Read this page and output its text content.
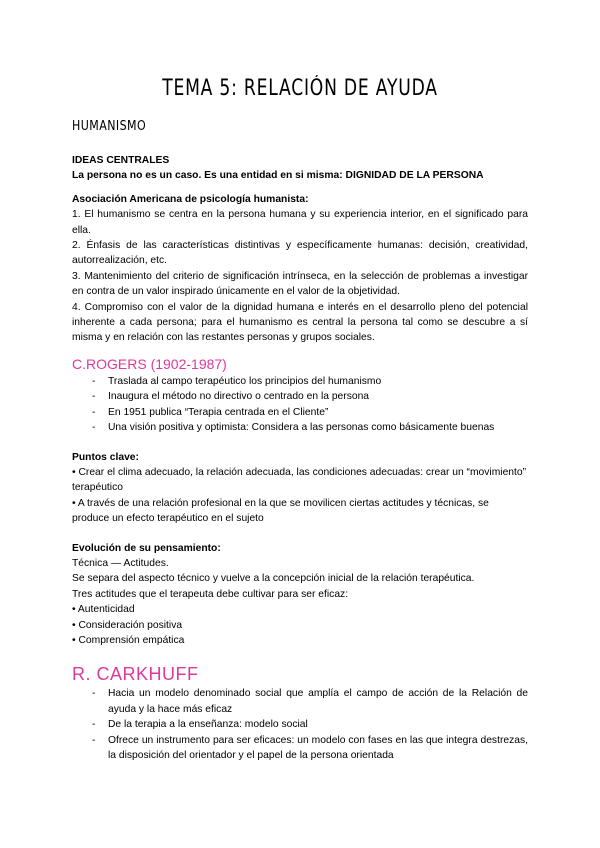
TEMA 5: RELACIÓN DE AYUDA
HUMANISMO

IDEAS CENTRALES

La persona no es un caso. Es una entidad en si misma: DIGNIDAD DE LA PERSONA

Asociación Americana de psicología humanista:

1. El humanismo se centra en la persona humana y su experiencia interior, en el significado para ella.

2. Énfasis de las características distintivas y específicamente humanas: decisión, creatividad, autorrealización, etc.

3. Mantenimiento del criterio de significación intrínseca, en la selección de problemas a investigar en contra de un valor inspirado únicamente en el valor de la objetividad.

4. Compromiso con el valor de la dignidad humana e interés en el desarrollo pleno del potencial inherente a cada persona; para el humanismo es central la persona tal como se descubre a sí misma y en relación con las restantes personas y grupos sociales.

C.ROGERS (1902-1987)

- Traslada al campo terapéutico los principios del humanismo
- Inaugura el método no directivo o centrado en la persona
- En 1951 publica “Terapia centrada en el Cliente”
- Una visión positiva y optimista: Considera a las personas como básicamente buenas

Puntos clave:

• Crear el clima adecuado, la relación adecuada, las condiciones adecuadas: crear un “movimiento” terapéutico

• A través de una relación profesional en la que se movilicen ciertas actitudes y técnicas, se produce un efecto terapéutico en el sujeto

Evolución de su pensamiento:

Técnica — Actitudes.

Se separa del aspecto técnico y vuelve a la concepción inicial de la relación terapéutica.

Tres actitudes que el terapeuta debe cultivar para ser eficaz:

• Autenticidad

• Consideración positiva

• Comprensión empática

R. CARKHUFF

- Hacia un modelo denominado social que amplía el campo de acción de la Relación de ayuda y la hace más eficaz
- De la terapia a la enseñanza: modelo social
- Ofrece un instrumento para ser eficaces: un modelo con fases en las que integra destrezas, la disposición del orientador y el papel de la persona orientada
